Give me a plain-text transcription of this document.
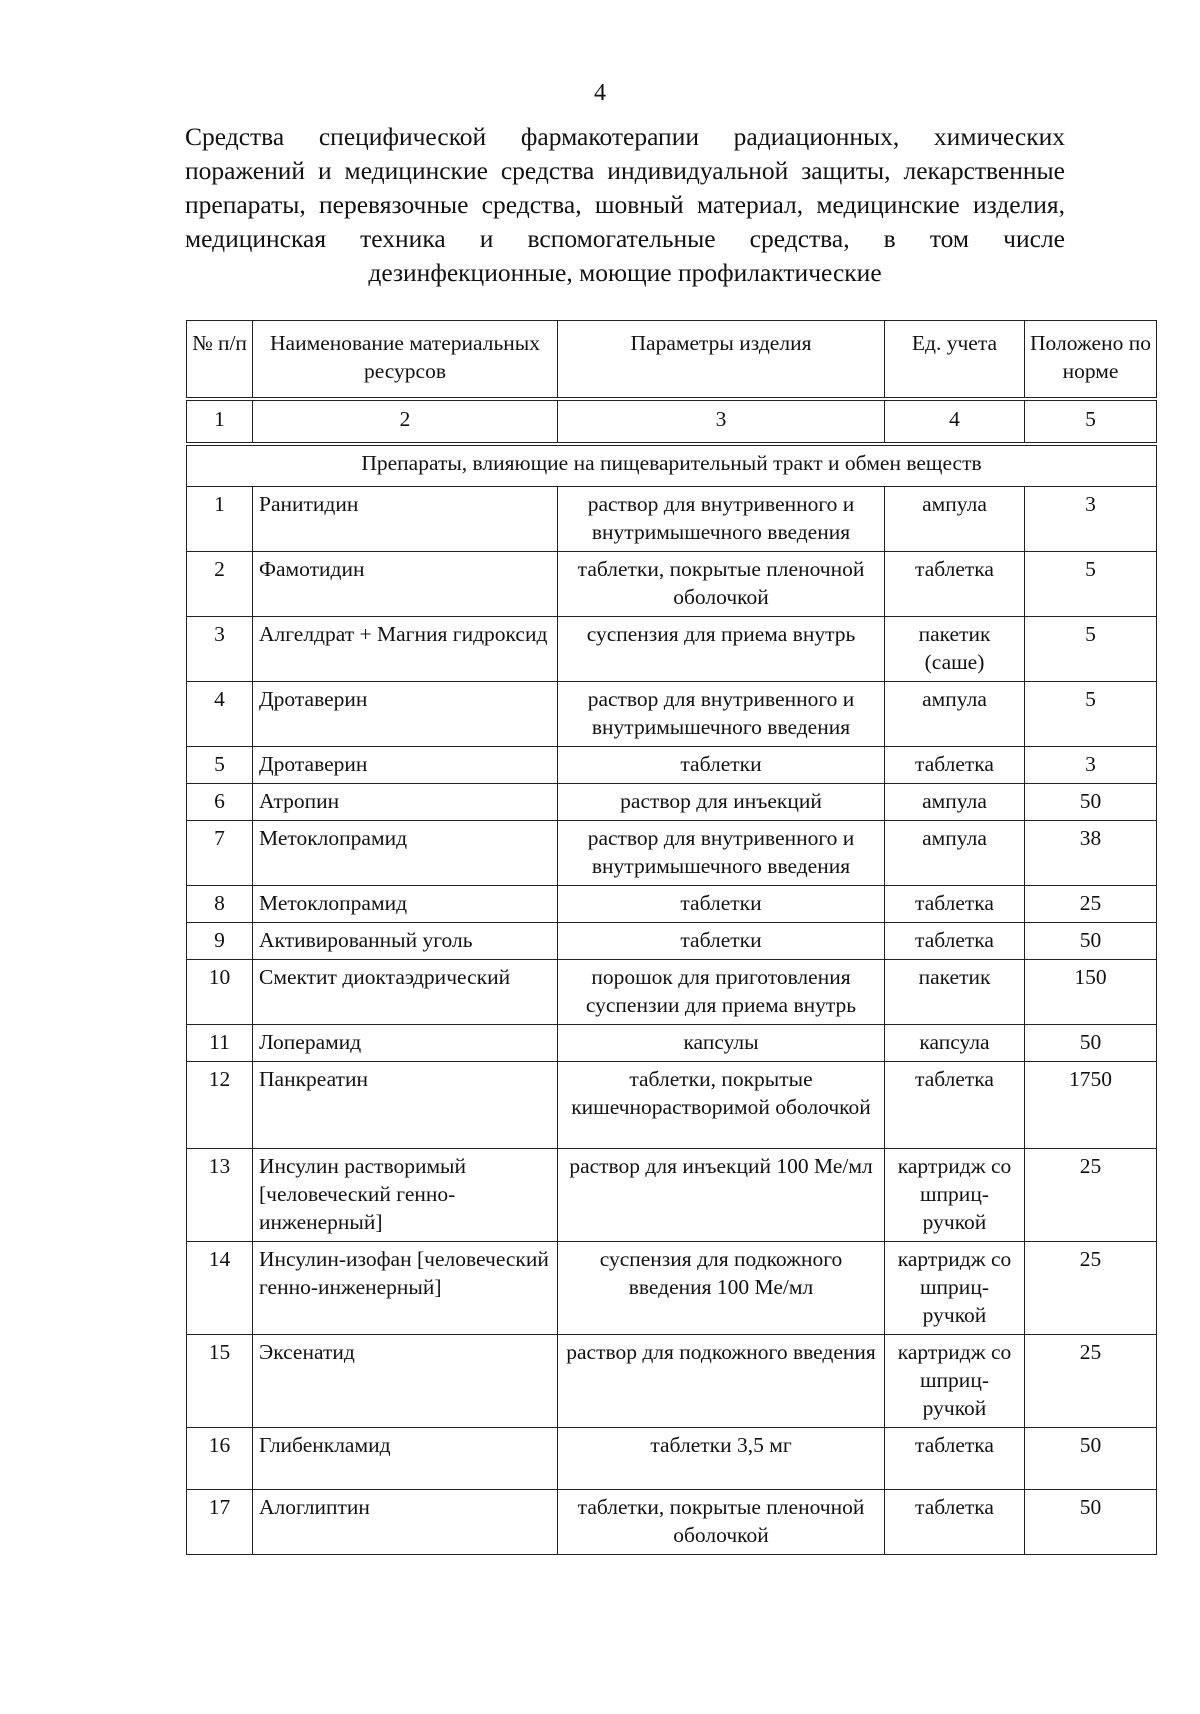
4
Средства специфической фармакотерапии радиационных, химических поражений и медицинские средства индивидуальной защиты, лекарственные препараты, перевязочные средства, шовный материал, медицинские изделия, медицинская техника и вспомогательные средства, в том числе дезинфекционные, моющие профилактические
№ п/п	Наименование материальных ресурсов	Параметры изделия	Ед. учета	Положено по норме

1	2	3	4	5

Препараты, влияющие на пищеварительный тракт и обмен веществ				
1	Ранитидин	раствор для внутривенного и внутримышечного введения	ампула	3
2	Фамотидин	таблетки, покрытые пленочной оболочкой	таблетка	5
3	Алгелдрат + Магния гидроксид	суспензия для приема внутрь	пакетик (саше)	5
4	Дротаверин	раствор для внутривенного и внутримышечного введения	ампула	5
5	Дротаверин	таблетки	таблетка	3
6	Атропин	раствор для инъекций	ампула	50
7	Метоклопрамид	раствор для внутривенного и внутримышечного введения	ампула	38
8	Метоклопрамид	таблетки	таблетка	25
9	Активированный уголь	таблетки	таблетка	50
10	Смектит диоктаэдрический	порошок для приготовления суспензии для приема внутрь	пакетик	150
11	Лоперамид	капсулы	капсула	50
12	Панкреатин	таблетки, покрытые кишечнорастворимой оболочкой	таблетка	1750
13	Инсулин растворимый [человеческий генно-инженерный]	раствор для инъекций 100 Ме/мл	картридж со шприц-ручкой	25
14	Инсулин-изофан [человеческий генно-инженерный]	суспензия для подкожного введения 100 Ме/мл	картридж со шприц-ручкой	25
15	Эксенатид	раствор для подкожного введения	картридж со шприц-ручкой	25
16	Глибенкламид	таблетки 3,5 мг	таблетка	50
17	Алоглиптин	таблетки, покрытые пленочной оболочкой	таблетка	50
